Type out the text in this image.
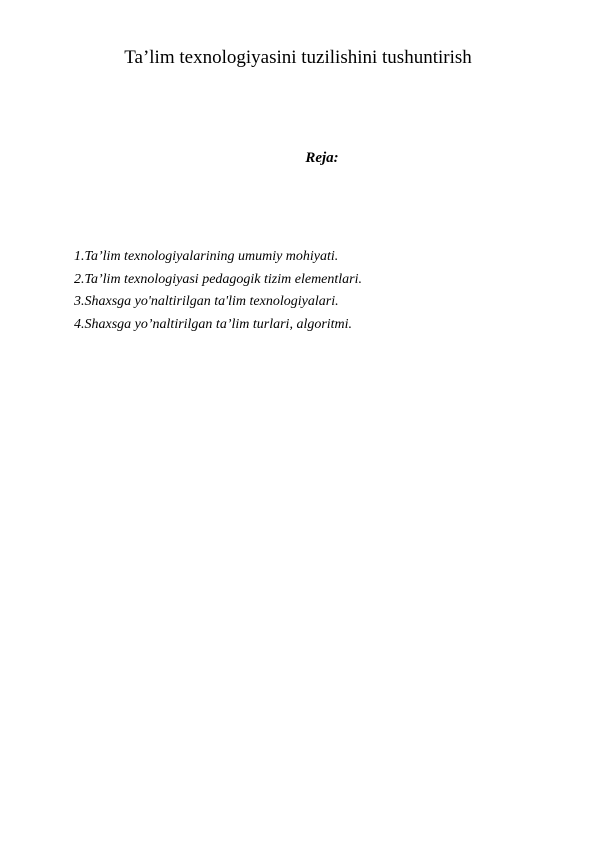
Ta’lim texnologiyasini tuzilishini tushuntirish
Reja:
1.Ta’lim texnologiyalarining umumiy mohiyati.
2.Ta’lim texnologiyasi pedagogik tizim elementlari.
3.Shaxsga yo'naltirilgan ta'lim texnologiyalari.
4.Shaxsga yo’naltirilgan ta’lim turlari, algoritmi.
